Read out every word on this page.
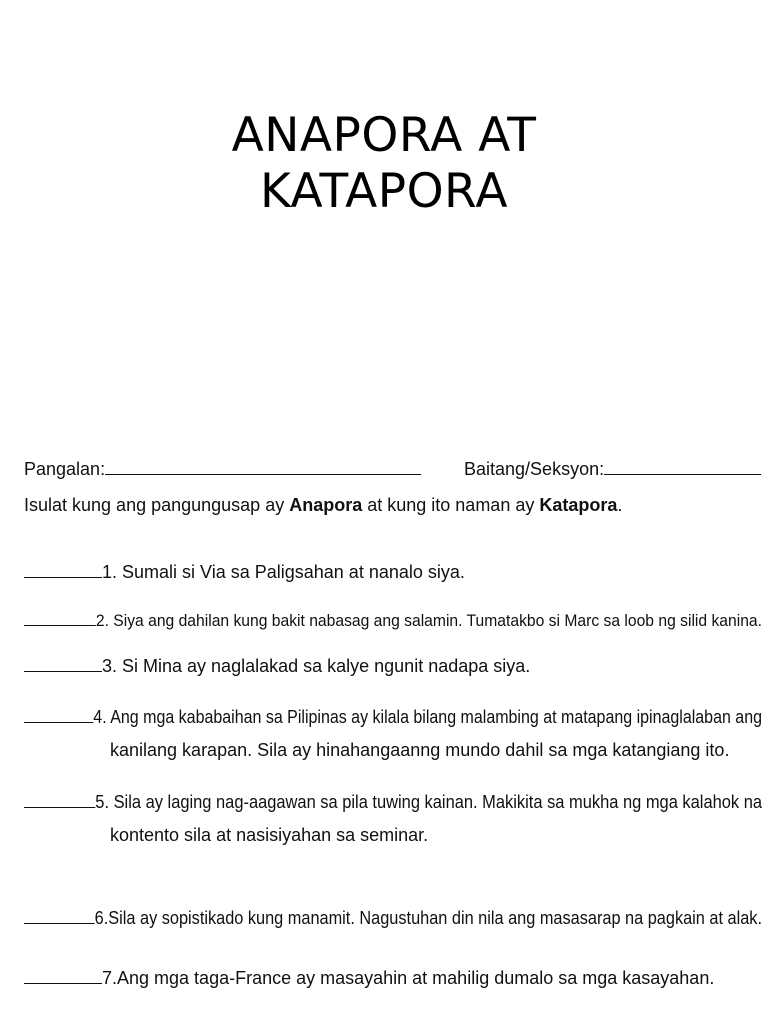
ANAPORA AT
KATAPORA
Pangalan:	Baitang/Seksyon:
Isulat kung ang pangungusap ay Anapora at kung ito naman ay Katapora.
1. Sumali si Via sa Paligsahan at nanalo siya.
2. Siya ang dahilan kung bakit nabasag ang salamin. Tumatakbo si Marc sa loob ng silid kanina.
3. Si Mina ay naglalakad sa kalye ngunit nadapa siya.
4. Ang mga kababaihan sa Pilipinas ay kilala bilang malambing at matapang ipinaglalaban ang
kanilang karapan. Sila ay hinahangaanng mundo dahil sa mga katangiang ito.
5. Sila ay laging nag-aagawan sa pila tuwing kainan. Makikita sa mukha ng mga kalahok na
kontento sila at nasisiyahan sa seminar.
6.Sila ay sopistikado kung manamit. Nagustuhan din nila ang masasarap na pagkain at alak.
7.Ang mga taga-France ay masayahin at mahilig dumalo sa mga kasayahan.
